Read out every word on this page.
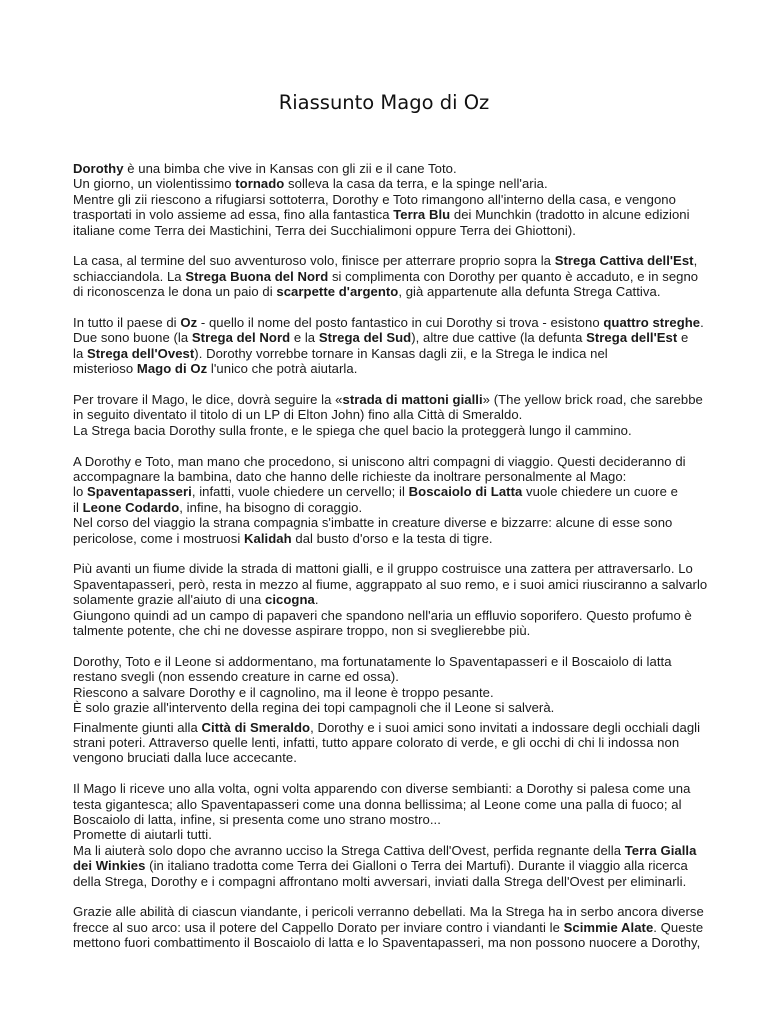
Riassunto Mago di Oz

Dorothy è una bimba che vive in Kansas con gli zii e il cane Toto.
Un giorno, un violentissimo tornado solleva la casa da terra, e la spinge nell'aria.
Mentre gli zii riescono a rifugiarsi sottoterra, Dorothy e Toto rimangono all'interno della casa, e vengono
trasportati in volo assieme ad essa, fino alla fantastica Terra Blu dei Munchkin (tradotto in alcune edizioni
italiane come Terra dei Mastichini, Terra dei Succhialimoni oppure Terra dei Ghiottoni).

La casa, al termine del suo avventuroso volo, finisce per atterrare proprio sopra la Strega Cattiva dell'Est,
schiacciandola. La Strega Buona del Nord si complimenta con Dorothy per quanto è accaduto, e in segno
di riconoscenza le dona un paio di scarpette d'argento, già appartenute alla defunta Strega Cattiva.

In tutto il paese di Oz - quello il nome del posto fantastico in cui Dorothy si trova - esistono quattro streghe.
Due sono buone (la Strega del Nord e la Strega del Sud), altre due cattive (la defunta Strega dell'Est e
la Strega dell'Ovest). Dorothy vorrebbe tornare in Kansas dagli zii, e la Strega le indica nel
misterioso Mago di Oz l'unico che potrà aiutarla.

Per trovare il Mago, le dice, dovrà seguire la «strada di mattoni gialli» (The yellow brick road, che sarebbe
in seguito diventato il titolo di un LP di Elton John) fino alla Città di Smeraldo.
La Strega bacia Dorothy sulla fronte, e le spiega che quel bacio la proteggerà lungo il cammino.

A Dorothy e Toto, man mano che procedono, si uniscono altri compagni di viaggio. Questi decideranno di
accompagnare la bambina, dato che hanno delle richieste da inoltrare personalmente al Mago:
lo Spaventapasseri, infatti, vuole chiedere un cervello; il Boscaiolo di Latta vuole chiedere un cuore e
il Leone Codardo, infine, ha bisogno di coraggio.
Nel corso del viaggio la strana compagnia s'imbatte in creature diverse e bizzarre: alcune di esse sono
pericolose, come i mostruosi Kalidah dal busto d'orso e la testa di tigre.

Più avanti un fiume divide la strada di mattoni gialli, e il gruppo costruisce una zattera per attraversarlo. Lo
Spaventapasseri, però, resta in mezzo al fiume, aggrappato al suo remo, e i suoi amici riusciranno a salvarlo
solamente grazie all'aiuto di una cicogna.
Giungono quindi ad un campo di papaveri che spandono nell'aria un effluvio soporifero. Questo profumo è
talmente potente, che chi ne dovesse aspirare troppo, non si sveglierebbe più.

Dorothy, Toto e il Leone si addormentano, ma fortunatamente lo Spaventapasseri e il Boscaiolo di latta
restano svegli (non essendo creature in carne ed ossa).
Riescono a salvare Dorothy e il cagnolino, ma il leone è troppo pesante.
È solo grazie all'intervento della regina dei topi campagnoli che il Leone si salverà.

Finalmente giunti alla Città di Smeraldo, Dorothy e i suoi amici sono invitati a indossare degli occhiali dagli
strani poteri. Attraverso quelle lenti, infatti, tutto appare colorato di verde, e gli occhi di chi li indossa non
vengono bruciati dalla luce accecante.

Il Mago li riceve uno alla volta, ogni volta apparendo con diverse sembianti: a Dorothy si palesa come una
testa gigantesca; allo Spaventapasseri come una donna bellissima; al Leone come una palla di fuoco; al
Boscaiolo di latta, infine, si presenta come uno strano mostro...
Promette di aiutarli tutti.
Ma li aiuterà solo dopo che avranno ucciso la Strega Cattiva dell'Ovest, perfida regnante della Terra Gialla
dei Winkies (in italiano tradotta come Terra dei Gialloni o Terra dei Martufi). Durante il viaggio alla ricerca
della Strega, Dorothy e i compagni affrontano molti avversari, inviati dalla Strega dell'Ovest per eliminarli.

Grazie alle abilità di ciascun viandante, i pericoli verranno debellati. Ma la Strega ha in serbo ancora diverse
frecce al suo arco: usa il potere del Cappello Dorato per inviare contro i viandanti le Scimmie Alate. Queste
mettono fuori combattimento il Boscaiolo di latta e lo Spaventapasseri, ma non possono nuocere a Dorothy,
